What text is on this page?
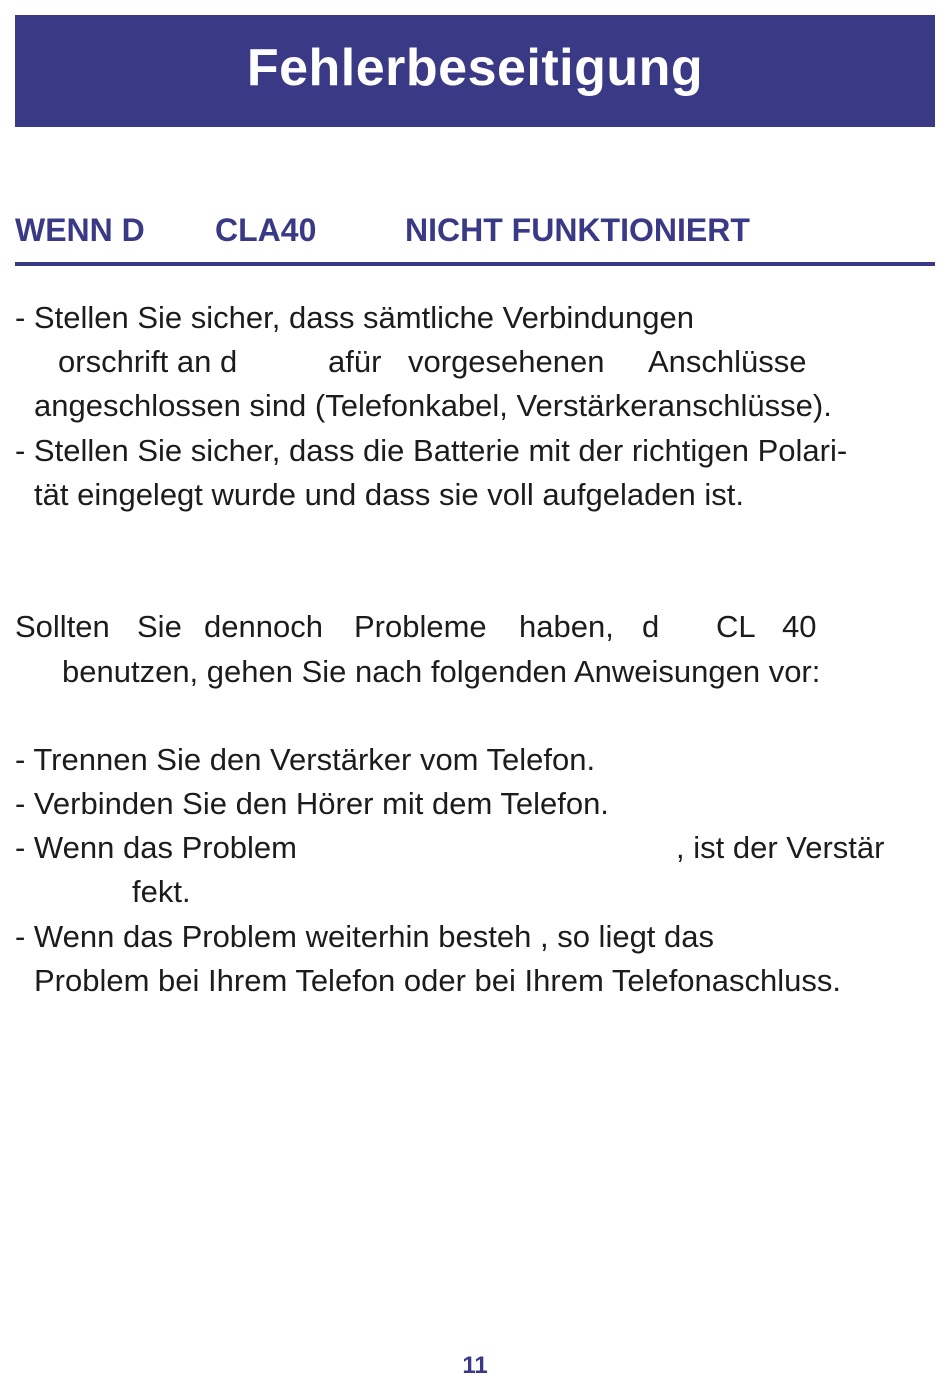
Fehlerbeseitigung
WENN D CLA40	NICHT FUNKTIONIERT
- Stellen Sie sicher, dass sämtliche Verbindungen
orschrift an d	afür vorgesehenen Anschlüsse
angeschlossen sind (Telefonkabel, Verstärkeranschlüsse).
- Stellen Sie sicher, dass die Batterie mit der richtigen Polari-
tät eingelegt wurde und dass sie voll aufgeladen ist.
Sollten Sie dennoch Probleme haben, d CL 40
benutzen, gehen Sie nach folgenden Anweisungen vor:
- Trennen Sie den Verstärker vom Telefon.
- Verbinden Sie den Hörer mit dem Telefon.
- Wenn das Problem	, ist der Verstär
fekt.
- Wenn das Problem weiterhin besteh , so liegt das
Problem bei Ihrem Telefon oder bei Ihrem Telefonaschluss.
11
